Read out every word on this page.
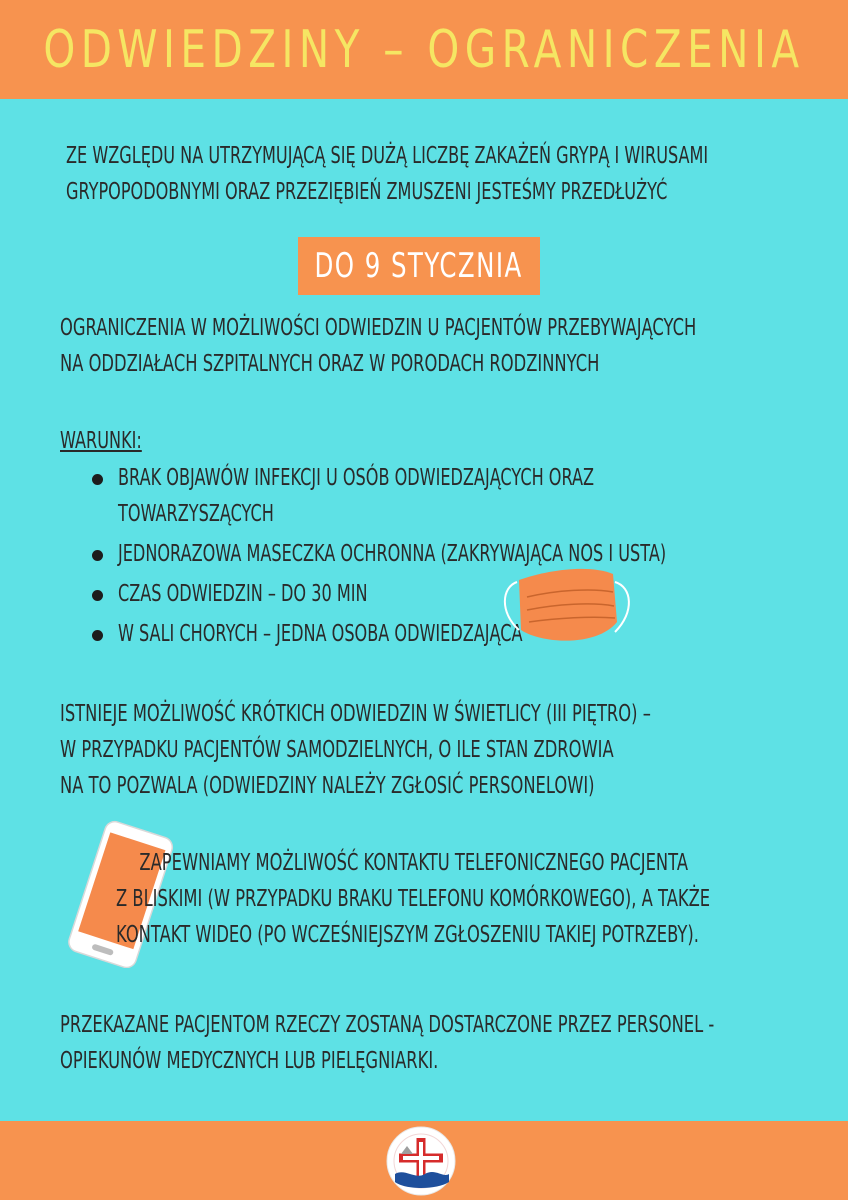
ODWIEDZINY – OGRANICZENIA
ZE WZGLĘDU NA UTRZYMUJĄCĄ SIĘ DUŻĄ LICZBĘ ZAKAŻEŃ GRYPĄ I WIRUSAMI
GRYPOPODOBNYMI ORAZ PRZEZIĘBIEŃ ZMUSZENI JESTEŚMY PRZEDŁUŻYĆ
DO 9 STYCZNIA
OGRANICZENIA W MOŻLIWOŚCI ODWIEDZIN U PACJENTÓW PRZEBYWAJĄCYCH
NA ODDZIAŁACH SZPITALNYCH ORAZ W PORODACH RODZINNYCH
WARUNKI:
BRAK OBJAWÓW INFEKCJI U OSÓB ODWIEDZAJĄCYCH ORAZ
TOWARZYSZĄCYCH
JEDNORAZOWA MASECZKA OCHRONNA (ZAKRYWAJĄCA NOS I USTA)
CZAS ODWIEDZIN – DO 30 MIN
W SALI CHORYCH – JEDNA OSOBA ODWIEDZAJĄCA
ISTNIEJE MOŻLIWOŚĆ KRÓTKICH ODWIEDZIN W ŚWIETLICY (III PIĘTRO) –
W PRZYPADKU PACJENTÓW SAMODZIELNYCH, O ILE STAN ZDROWIA
NA TO POZWALA (ODWIEDZINY NALEŻY ZGŁOSIĆ PERSONELOWI)
ZAPEWNIAMY MOŻLIWOŚĆ KONTAKTU TELEFONICZNEGO PACJENTA
Z BLISKIMI (W PRZYPADKU BRAKU TELEFONU KOMÓRKOWEGO), A TAKŻE
KONTAKT WIDEO (PO WCZEŚNIEJSZYM ZGŁOSZENIU TAKIEJ POTRZEBY).
PRZEKAZANE PACJENTOM RZECZY ZOSTANĄ DOSTARCZONE PRZEZ PERSONEL -
OPIEKUNÓW MEDYCZNYCH LUB PIELĘGNIARKI.
